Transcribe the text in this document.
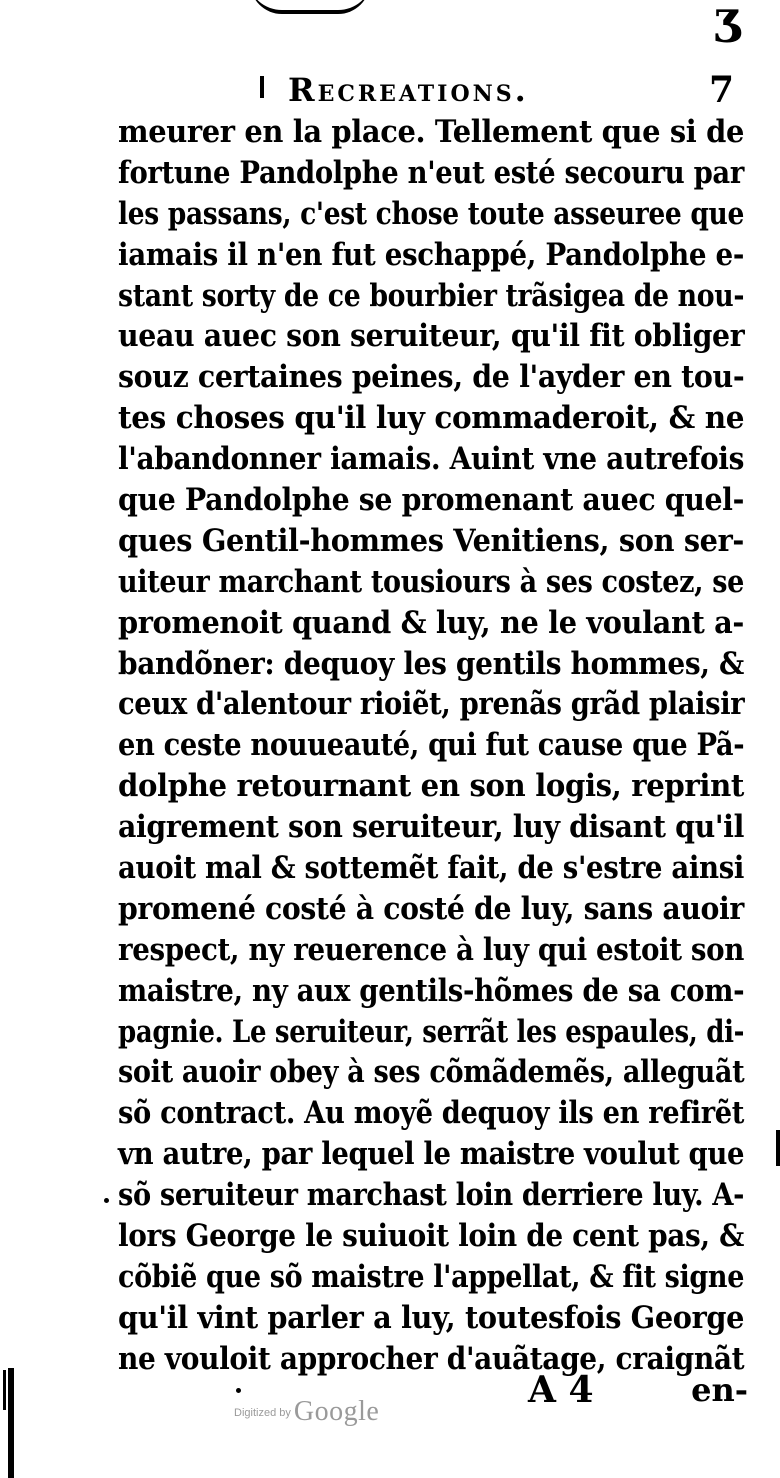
ʒ
Recreations.	7
meurer en la place. Tellement que si de
fortune Pandolphe n'eut esté secouru par
les passans, c'est chose toute asseuree que
iamais il n'en fut eschappé, Pandolphe e-
stant sorty de ce bourbier trãsigea de nou-
ueau auec son seruiteur, qu'il fit obliger
souz certaines peines, de l'ayder en tou-
tes choses qu'il luy commaderoit, & ne
l'abandonner iamais. Auint vne autrefois
que Pandolphe se promenant auec quel-
ques Gentil-hommes Venitiens, son ser-
uiteur marchant tousiours à ses costez, se
promenoit quand & luy, ne le voulant a-
bandõner: dequoy les gentils hommes, &
ceux d'alentour rioiẽt, prenãs grãd plaisir
en ceste nouueauté, qui fut cause que Pã-
dolphe retournant en son logis, reprint
aigrement son seruiteur, luy disant qu'il
auoit mal & sottemẽt fait, de s'estre ainsi
promené costé à costé de luy, sans auoir
respect, ny reuerence à luy qui estoit son
maistre, ny aux gentils-hõmes de sa com-
pagnie. Le seruiteur, serrãt les espaules, di-
soit auoir obey à ses cõmãdemẽs, alleguãt
sõ contract. Au moyẽ dequoy ils en refirẽt
vn autre, par lequel le maistre voulut que
sõ seruiteur marchast loin derriere luy. A-
lors George le suiuoit loin de cent pas, &
cõbiẽ que sõ maistre l'appellat, & fit signe
qu'il vint parler a luy, toutesfois George
ne vouloit approcher d'auãtage, craignãt
A 4	en-
$^{Digitized by}$ Google
